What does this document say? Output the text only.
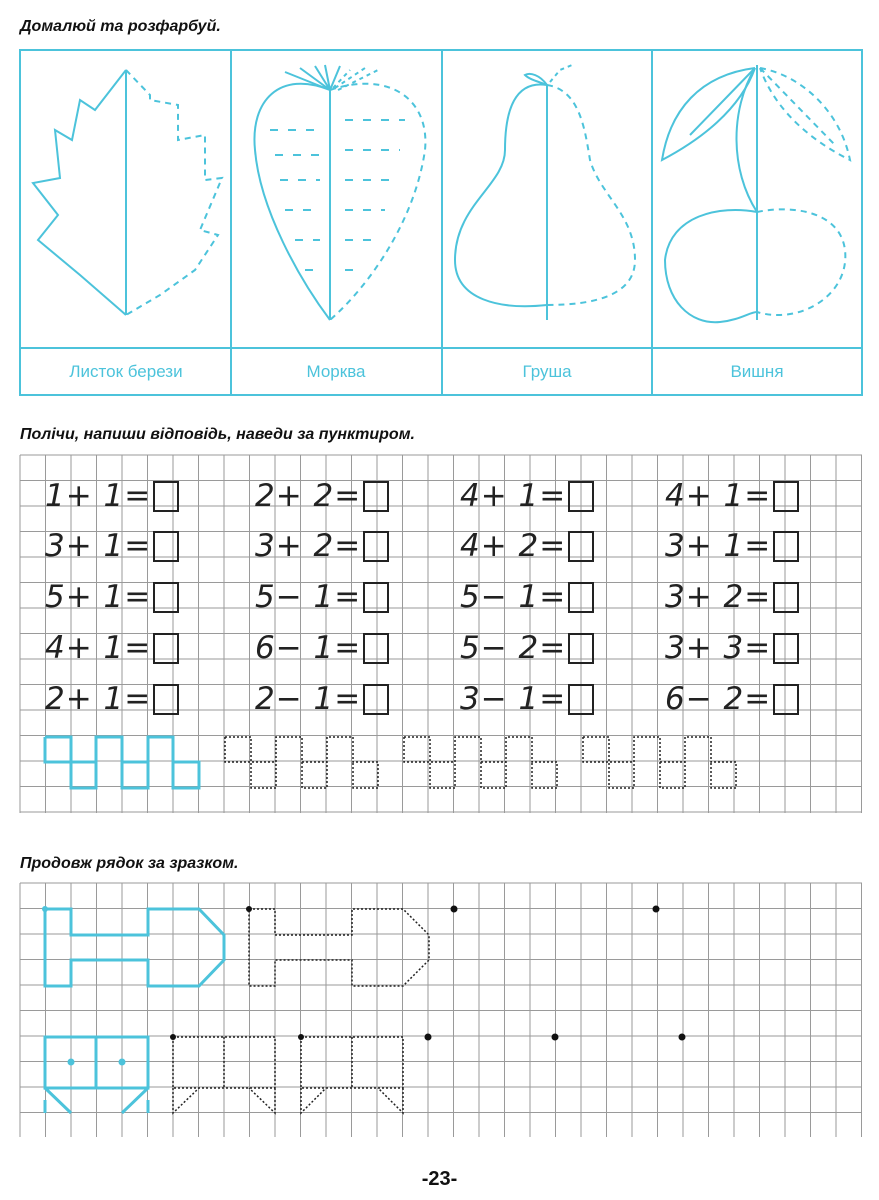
Домалюй та розфарбуй.
Листок берези	Морква	Груша	Вишня
Полічи, напиши відповідь, наведи за пунктиром.
1+ 1=	2+ 2=	4+ 1=	4+ 1=
3+ 1=	3+ 2=	4+ 2=	3+ 1=
5+ 1=	5− 1=	5− 1=	3+ 2=
4+ 1=	6− 1=	5− 2=	3+ 3=
2+ 1=	2− 1=	3− 1=	6− 2=
Продовж рядок за зразком.
-23-
